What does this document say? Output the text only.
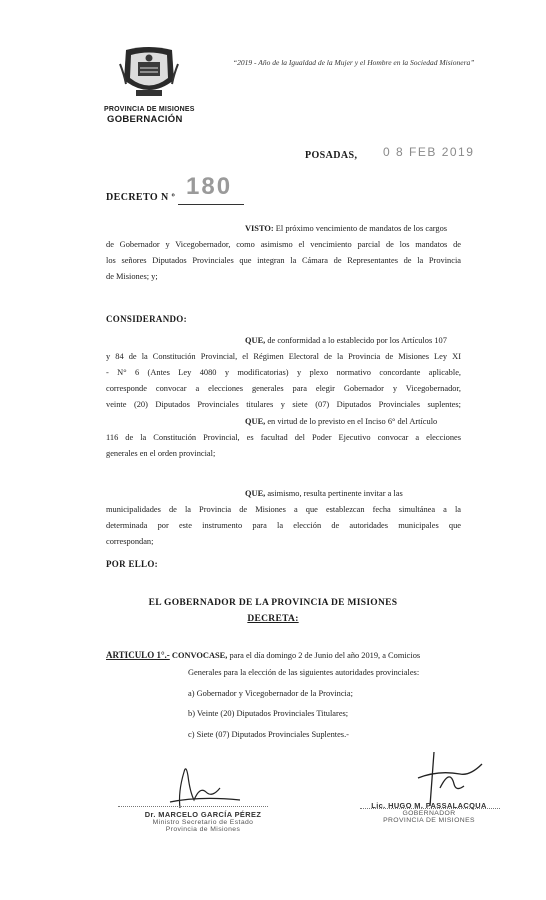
PROVINCIA DE MISIONES
GOBERNACIÓN
“2019 - Año de la Igualdad de la Mujer y el Hombre en la Sociedad Misionera”
POSADAS, 0 8 FEB 2019
DECRETO N º 180
VISTO: El próximo vencimiento de mandatos de los cargos
de Gobernador y Vicegobernador, como asimismo el vencimiento parcial de los mandatos de
los señores Diputados Provinciales que integran la Cámara de Representantes de la Provincia
de Misiones; y;
CONSIDERANDO:
QUE, de conformidad a lo establecido por los Artículos 107
y 84 de la Constitución Provincial, el Régimen Electoral de la Provincia de Misiones Ley XI
- N° 6 (Antes Ley 4080 y modificatorias) y plexo normativo concordante aplicable,
corresponde convocar a elecciones generales para elegir Gobernador y Vicegobernador,
veinte (20) Diputados Provinciales titulares y siete (07) Diputados Provinciales suplentes;
QUE, en virtud de lo previsto en el Inciso 6° del Artículo
116 de la Constitución Provincial, es facultad del Poder Ejecutivo convocar a elecciones
generales en el orden provincial;
QUE, asimismo, resulta pertinente invitar a las
municipalidades de la Provincia de Misiones a que establezcan fecha simultánea a la
determinada por este instrumento para la elección de autoridades municipales que
correspondan;
POR ELLO:
EL GOBERNADOR DE LA PROVINCIA DE MISIONES
DECRETA:
ARTICULO 1°.- CONVOCASE, para el día domingo 2 de Junio del año 2019, a Comicios
Generales para la elección de las siguientes autoridades provinciales:
a) Gobernador y Vicegobernador de la Provincia;
b) Veinte (20) Diputados Provinciales Titulares;
c) Siete (07) Diputados Provinciales Suplentes.-
Dr. MARCELO GARCÍA PÉREZ
Ministro Secretario de Estado
Provincia de Misiones
Lic. HUGO M. PASSALACQUA
GOBERNADOR
PROVINCIA DE MISIONES
